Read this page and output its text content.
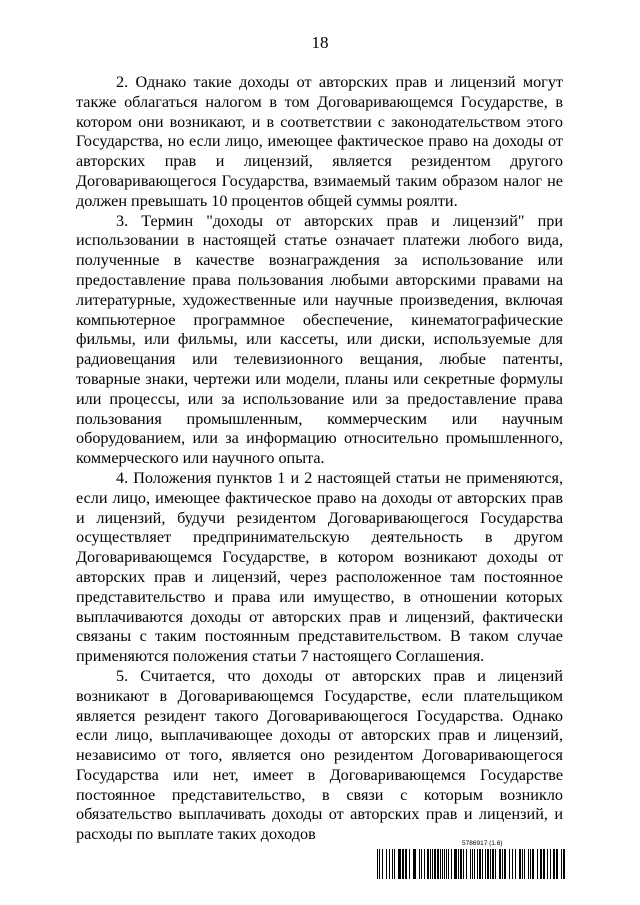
18

2. Однако такие доходы от авторских прав и лицензий могут также облагаться налогом в том Договаривающемся Государстве, в котором они возникают, и в соответствии с законодательством этого Государства, но если лицо, имеющее фактическое право на доходы от авторских прав и лицензий, является резидентом другого Договаривающегося Государства, взимаемый таким образом налог не должен превышать 10 процентов общей суммы роялти.

3. Термин "доходы от авторских прав и лицензий" при использовании в настоящей статье означает платежи любого вида, полученные в качестве вознаграждения за использование или предоставление права пользования любыми авторскими правами на литературные, художественные или научные произведения, включая компьютерное программное обеспечение, кинематографические фильмы, или фильмы, или кассеты, или диски, используемые для радиовещания или телевизионного вещания, любые патенты, товарные знаки, чертежи или модели, планы или секретные формулы или процессы, или за использование или за предоставление права пользования промышленным, коммерческим или научным оборудованием, или за информацию относительно промышленного, коммерческого или научного опыта.

4. Положения пунктов 1 и 2 настоящей статьи не применяются, если лицо, имеющее фактическое право на доходы от авторских прав и лицензий, будучи резидентом Договаривающегося Государства осуществляет предпринимательскую деятельность в другом Договаривающемся Государстве, в котором возникают доходы от авторских прав и лицензий, через расположенное там постоянное представительство и права или имущество, в отношении которых выплачиваются доходы от авторских прав и лицензий, фактически связаны с таким постоянным представительством. В таком случае применяются положения статьи 7 настоящего Соглашения.

5. Считается, что доходы от авторских прав и лицензий возникают в Договаривающемся Государстве, если плательщиком является резидент такого Договаривающегося Государства. Однако если лицо, выплачивающее доходы от авторских прав и лицензий, независимо от того, является оно резидентом Договаривающегося Государства или нет, имеет в Договаривающемся Государстве постоянное представительство, в связи с которым возникло обязательство выплачивать доходы от авторских прав и лицензий, и расходы по выплате таких доходов

5786917 (1.6)
